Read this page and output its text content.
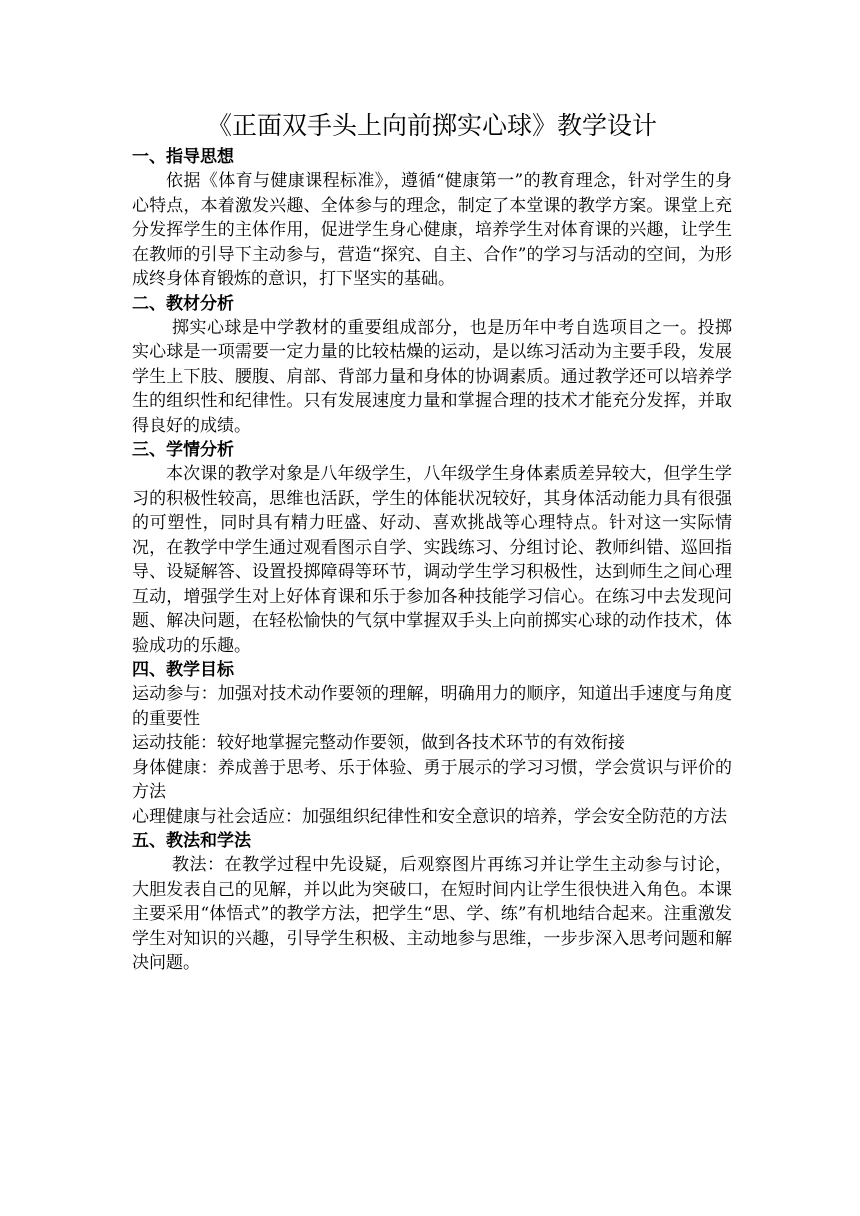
《正面双手头上向前掷实心球》教学设计
一、指导思想

依据《体育与健康课程标准》，遵循“健康第一”的教育理念，针对学生的身心特点，本着激发兴趣、全体参与的理念，制定了本堂课的教学方案。课堂上充分发挥学生的主体作用，促进学生身心健康，培养学生对体育课的兴趣，让学生在教师的引导下主动参与，营造“探究、自主、合作”的学习与活动的空间，为形成终身体育锻炼的意识，打下坚实的基础。

二、教材分析

掷实心球是中学教材的重要组成部分，也是历年中考自选项目之一。投掷实心球是一项需要一定力量的比较枯燥的运动，是以练习活动为主要手段，发展学生上下肢、腰腹、肩部、背部力量和身体的协调素质。通过教学还可以培养学生的组织性和纪律性。只有发展速度力量和掌握合理的技术才能充分发挥，并取得良好的成绩。

三、学情分析

本次课的教学对象是八年级学生，八年级学生身体素质差异较大，但学生学习的积极性较高，思维也活跃，学生的体能状况较好，其身体活动能力具有很强的可塑性，同时具有精力旺盛、好动、喜欢挑战等心理特点。针对这一实际情况，在教学中学生通过观看图示自学、实践练习、分组讨论、教师纠错、巡回指导、设疑解答、设置投掷障碍等环节，调动学生学习积极性，达到师生之间心理互动，增强学生对上好体育课和乐于参加各种技能学习信心。在练习中去发现问题、解决问题，在轻松愉快的气氛中掌握双手头上向前掷实心球的动作技术，体验成功的乐趣。

四、教学目标

运动参与：加强对技术动作要领的理解，明确用力的顺序，知道出手速度与角度的重要性

运动技能：较好地掌握完整动作要领，做到各技术环节的有效衔接

身体健康：养成善于思考、乐于体验、勇于展示的学习习惯，学会赏识与评价的方法

心理健康与社会适应：加强组织纪律性和安全意识的培养，学会安全防范的方法

五、教法和学法

教法：在教学过程中先设疑，后观察图片再练习并让学生主动参与讨论，大胆发表自己的见解，并以此为突破口，在短时间内让学生很快进入角色。本课主要采用“体悟式”的教学方法，把学生“思、学、练”有机地结合起来。注重激发学生对知识的兴趣，引导学生积极、主动地参与思维，一步步深入思考问题和解决问题。
